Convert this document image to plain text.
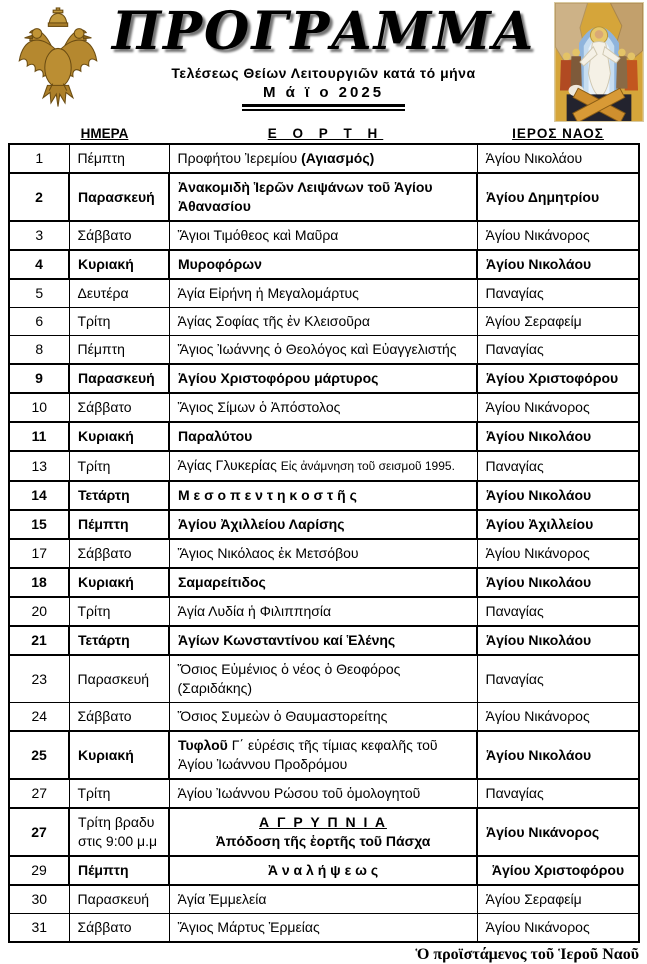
ΠΡΟΓΡΑΜΜΑ
Τελέσεως Θείων Λειτουργιῶν κατά τό μήνα
Μ ά ϊ ο 2025
ΗΜΕΡΑ	Ε Ο Ρ Τ Η	ΙΕΡΟΣ ΝΑΟΣ
1	Πέμπτη	Προφήτου Ἰερεμίου (Αγιασμός)	Ἁγίου Νικολάου
2	Παρασκευή	Ἀνακομιδὴ Ἱερῶν Λειψάνων τοῦ Ἁγίου Ἀθανασίου	Ἁγίου Δημητρίου
3	Σάββατο	Ἅγιοι Τιμόθεος καὶ Μαῦρα	Ἁγίου Νικάνορος
4	Κυριακή	Μυροφόρων	Ἁγίου Νικολάου
5	Δευτέρα	Ἁγία Εἰρήνη ἡ Μεγαλομάρτυς	Παναγίας
6	Τρίτη	Ἁγίας Σοφίας τῆς ἐν Κλεισοῦρα	Ἁγίου Σεραφείμ
8	Πέμπτη	Ἅγιος Ἰωάννης ὁ Θεολόγος καὶ Εὐαγγελιστής	Παναγίας
9	Παρασκευή	Ἁγίου Χριστοφόρου μάρτυρος	Ἁγίου Χριστοφόρου
10	Σάββατο	Ἅγιος Σίμων ὁ Ἀπόστολος	Ἁγίου Νικάνορος
11	Κυριακή	Παραλύτου	Ἁγίου Νικολάου
13	Τρίτη	Ἁγίας Γλυκερίας Εἰς ἀνάμνηση τοῦ σεισμοῦ 1995.	Παναγίας
14	Τετάρτη	Μ ε σ ο π ε ν τ η κ ο σ τ ῆ ς	Ἁγίου Νικολάου
15	Πέμπτη	Ἁγίου Ἀχιλλείου Λαρίσης	Ἁγίου Ἀχιλλείου
17	Σάββατο	Ἅγιος Νικόλαος ἐκ Μετσόβου	Ἁγίου Νικάνορος
18	Κυριακή	Σαμαρείτιδος	Ἁγίου Νικολάου
20	Τρίτη	Ἁγία Λυδία ἡ Φιλιππησία	Παναγίας
21	Τετάρτη	Ἁγίων Κωνσταντίνου καί Ἑλένης	Ἁγίου Νικολάου
23	Παρασκευή	Ὅσιος Εὐμένιος ὁ νέος ὁ Θεοφόρος (Σαριδάκης)	Παναγίας
24	Σάββατο	Ὅσιος Συμεὼν ὁ Θαυμαστορείτης	Ἁγίου Νικάνορος
25	Κυριακή	Τυφλοῦ Γ΄ εὑρέσις τῆς τίμιας κεφαλῆς τοῦ Ἁγίου Ἰωάννου Προδρόμου	Ἁγίου Νικολάου
27	Τρίτη	Ἁγίου Ἰωάννου Ρώσου τοῦ ὁμολογητοῦ	Παναγίας
27	Τρίτη βραδυ στις 9:00 μ.μ	Α Γ Ρ Υ Π Ν Ι Α
Ἀπόδοση τῆς ἑορτῆς τοῦ Πάσχα	Ἁγίου Νικάνορος
29	Πέμπτη	Ἀ ν α λ ή ψ ε ω ς	Ἁγίου Χριστοφόρου
30	Παρασκευή	Ἁγία Ἐμμελεία	Ἁγίου Σεραφείμ
31	Σάββατο	Ἅγιος Μάρτυς Ἑρμείας	Ἁγίου Νικάνορος
Ὁ προϊστάμενος τοῦ Ἱεροῦ Ναοῦ
